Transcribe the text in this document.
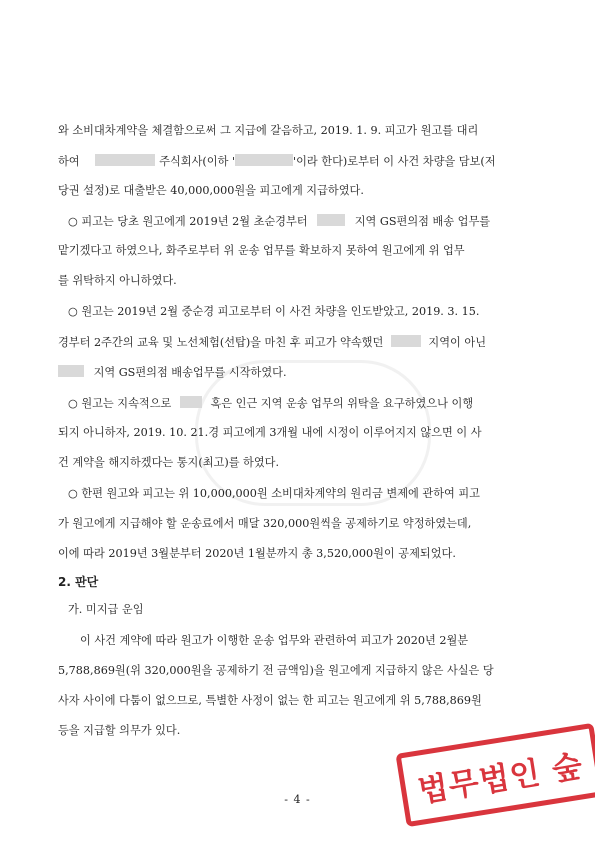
와 소비대차계약을 체결함으로써 그 지급에 갈음하고, 2019. 1. 9. 피고가 원고를 대리
하여	주식회사(이하 '	'이라 한다)로부터 이 사건 차량을 담보(저
당권 설정)로 대출받은 40,000,000원을 피고에게 지급하였다.
○ 피고는 당초 원고에게 2019년 2월 초순경부터	지역 GS편의점 배송 업무를
맡기겠다고 하였으나, 화주로부터 위 운송 업무를 확보하지 못하여 원고에게 위 업무
를 위탁하지 아니하였다.
○ 원고는 2019년 2월 중순경 피고로부터 이 사건 차량을 인도받았고, 2019. 3. 15.
경부터 2주간의 교육 및 노선체험(선탑)을 마친 후 피고가 약속했던	지역이 아닌
지역 GS편의점 배송업무를 시작하였다.
○ 원고는 지속적으로	혹은 인근 지역 운송 업무의 위탁을 요구하였으나 이행
되지 아니하자, 2019. 10. 21.경 피고에게 3개월 내에 시정이 이루어지지 않으면 이 사
건 계약을 해지하겠다는 통지(최고)를 하였다.
○ 한편 원고와 피고는 위 10,000,000원 소비대차계약의 원리금 변제에 관하여 피고
가 원고에게 지급해야 할 운송료에서 매달 320,000원씩을 공제하기로 약정하였는데,
이에 따라 2019년 3월분부터 2020년 1월분까지 총 3,520,000원이 공제되었다.
2. 판단
가. 미지급 운임
이 사건 계약에 따라 원고가 이행한 운송 업무와 관련하여 피고가 2020년 2월분
5,788,869원(위 320,000원을 공제하기 전 금액임)을 원고에게 지급하지 않은 사실은 당
사자 사이에 다툼이 없으므로, 특별한 사정이 없는 한 피고는 원고에게 위 5,788,869원
등을 지급할 의무가 있다.
- 4 -	법무법인 숲
